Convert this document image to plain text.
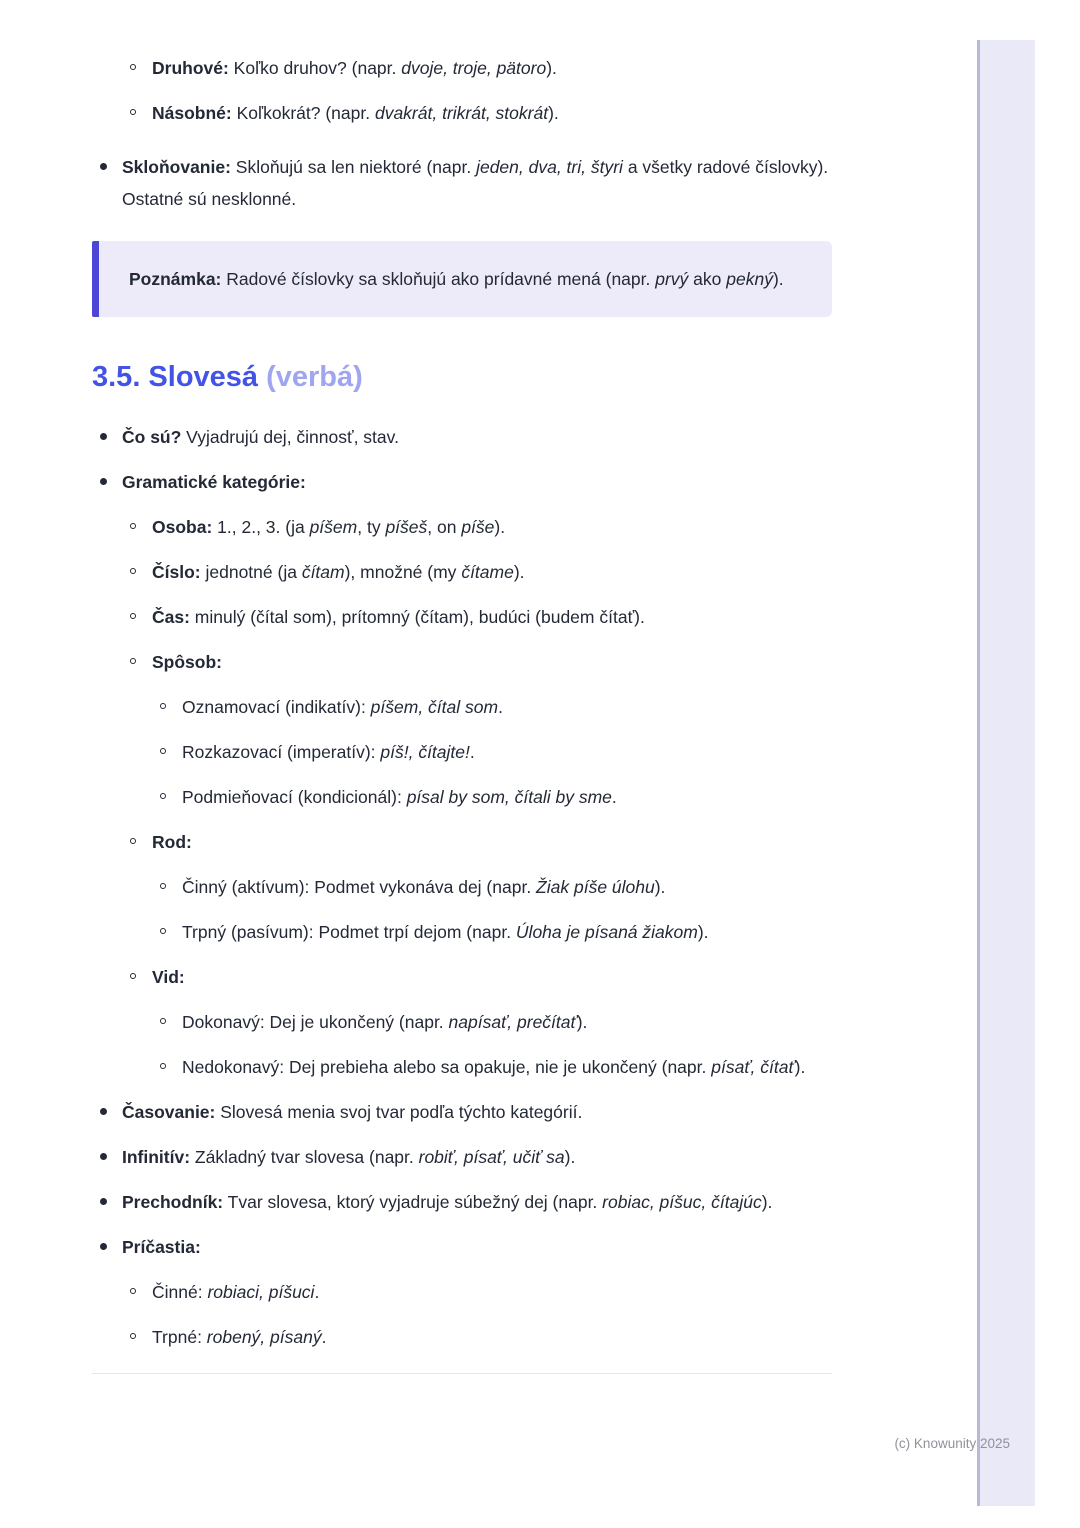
Druhové: Koľko druhov? (napr. dvoje, troje, pätoro).
Násobné: Koľkokrát? (napr. dvakrát, trikrát, stokrát).
Skloňovanie: Skloňujú sa len niektoré (napr. jeden, dva, tri, štyri a všetky radové číslovky). Ostatné sú nesklonné.

Poznámka: Radové číslovky sa skloňujú ako prídavné mená (napr. prvý ako pekný).

3.5. Slovesá (verbá)
Čo sú? Vyjadrujú dej, činnosť, stav.
Gramatické kategórie:
Osoba: 1., 2., 3. (ja píšem, ty píšeš, on píše).
Číslo: jednotné (ja čítam), množné (my čítame).
Čas: minulý (čítal som), prítomný (čítam), budúci (budem čítať).
Spôsob:
Oznamovací (indikatív): píšem, čítal som.
Rozkazovací (imperatív): píš!, čítajte!.
Podmieňovací (kondicionál): písal by som, čítali by sme.
Rod:
Činný (aktívum): Podmet vykonáva dej (napr. Žiak píše úlohu).
Trpný (pasívum): Podmet trpí dejom (napr. Úloha je písaná žiakom).
Vid:
Dokonavý: Dej je ukončený (napr. napísať, prečítať).
Nedokonavý: Dej prebieha alebo sa opakuje, nie je ukončený (napr. písať, čítať).
Časovanie: Slovesá menia svoj tvar podľa týchto kategórií.
Infinitív: Základný tvar slovesa (napr. robiť, písať, učiť sa).
Prechodník: Tvar slovesa, ktorý vyjadruje súbežný dej (napr. robiac, píšuc, čítajúc).
Príčastia:
Činné: robiaci, píšuci.
Trpné: robený, písaný.
(c) Knowunity 2025
